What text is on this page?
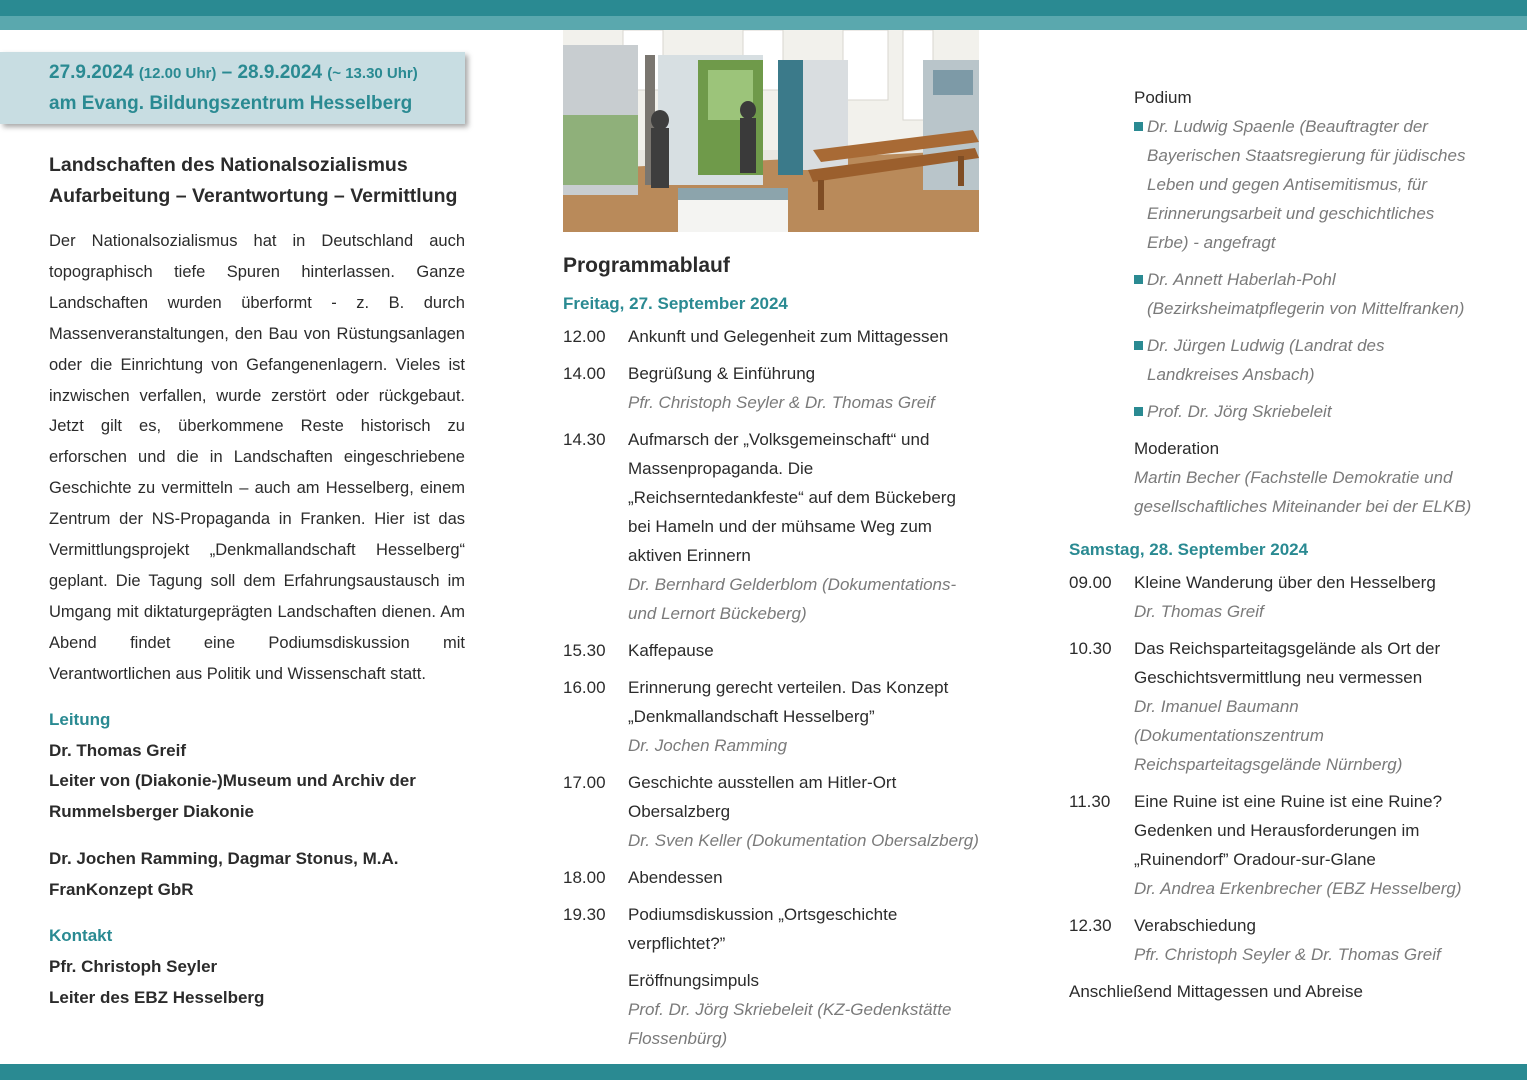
27.9.2024 (12.00 Uhr) – 28.9.2024 (~ 13.30 Uhr)
am Evang. Bildungszentrum Hesselberg
Landschaften des Nationalsozialismus
Aufarbeitung – Verantwortung – Vermittlung
Der Nationalsozialismus hat in Deutschland auch topographisch tiefe Spuren hinterlassen. Ganze Landschaften wurden überformt - z. B. durch Massenveranstaltungen, den Bau von Rüstungsanlagen oder die Einrichtung von Gefangenenlagern. Vieles ist inzwischen verfallen, wurde zerstört oder rückgebaut. Jetzt gilt es, überkommene Reste historisch zu erforschen und die in Landschaften eingeschriebene Geschichte zu vermitteln – auch am Hesselberg, einem Zentrum der NS-Propaganda in Franken. Hier ist das Vermittlungsprojekt „Denkmallandschaft Hesselberg“ geplant. Die Tagung soll dem Erfahrungsaustausch im Umgang mit diktaturgeprägten Landschaften dienen. Am Abend findet eine Podiumsdiskussion mit Verantwortlichen aus Politik und Wissenschaft statt.
Leitung
Dr. Thomas Greif
Leiter von (Diakonie-)Museum und Archiv der
Rummelsberger Diakonie
Dr. Jochen Ramming, Dagmar Stonus, M.A.
FranKonzept GbR
Kontakt
Pfr. Christoph Seyler
Leiter des EBZ Hesselberg
Programmablauf
Freitag, 27. September 2024
12.00	Ankunft und Gelegenheit zum Mittagessen
14.00	Begrüßung & Einführung
Pfr. Christoph Seyler & Dr. Thomas Greif
14.30	Aufmarsch der „Volksgemeinschaft“ und Massenpropaganda. Die „Reichserntedankfeste“ auf dem Bückeberg bei Hameln und der mühsame Weg zum aktiven Erinnern
Dr. Bernhard Gelderblom (Dokumentations- und Lernort Bückeberg)
15.30	Kaffepause
16.00	Erinnerung gerecht verteilen. Das Konzept „Denkmallandschaft Hesselberg”
Dr. Jochen Ramming
17.00	Geschichte ausstellen am Hitler-Ort Obersalzberg
Dr. Sven Keller (Dokumentation Obersalzberg)
18.00	Abendessen
19.30	Podiumsdiskussion „Ortsgeschichte verpflichtet?”
Eröffnungsimpuls
Prof. Dr. Jörg Skriebeleit (KZ-Gedenkstätte Flossenbürg)
Podium
Dr. Ludwig Spaenle (Beauftragter der Bayerischen Staatsregierung für jüdisches Leben und gegen Antisemitismus, für Erinnerungsarbeit und geschichtliches Erbe) - angefragt
Dr. Annett Haberlah-Pohl (Bezirksheimatpflegerin von Mittelfranken)
Dr. Jürgen Ludwig (Landrat des Landkreises Ansbach)
Prof. Dr. Jörg Skriebeleit
Moderation
Martin Becher (Fachstelle Demokratie und gesellschaftliches Miteinander bei der ELKB)
Samstag, 28. September 2024
09.00	Kleine Wanderung über den Hesselberg
Dr. Thomas Greif
10.30	Das Reichsparteitagsgelände als Ort der Geschichtsvermittlung neu vermessen
Dr. Imanuel Baumann (Dokumentationszentrum Reichsparteitagsgelände Nürnberg)
11.30	Eine Ruine ist eine Ruine ist eine Ruine? Gedenken und Herausforderungen im „Ruinendorf” Oradour-sur-Glane
Dr. Andrea Erkenbrecher (EBZ Hesselberg)
12.30	Verabschiedung
Pfr. Christoph Seyler & Dr. Thomas Greif
Anschließend Mittagessen und Abreise
